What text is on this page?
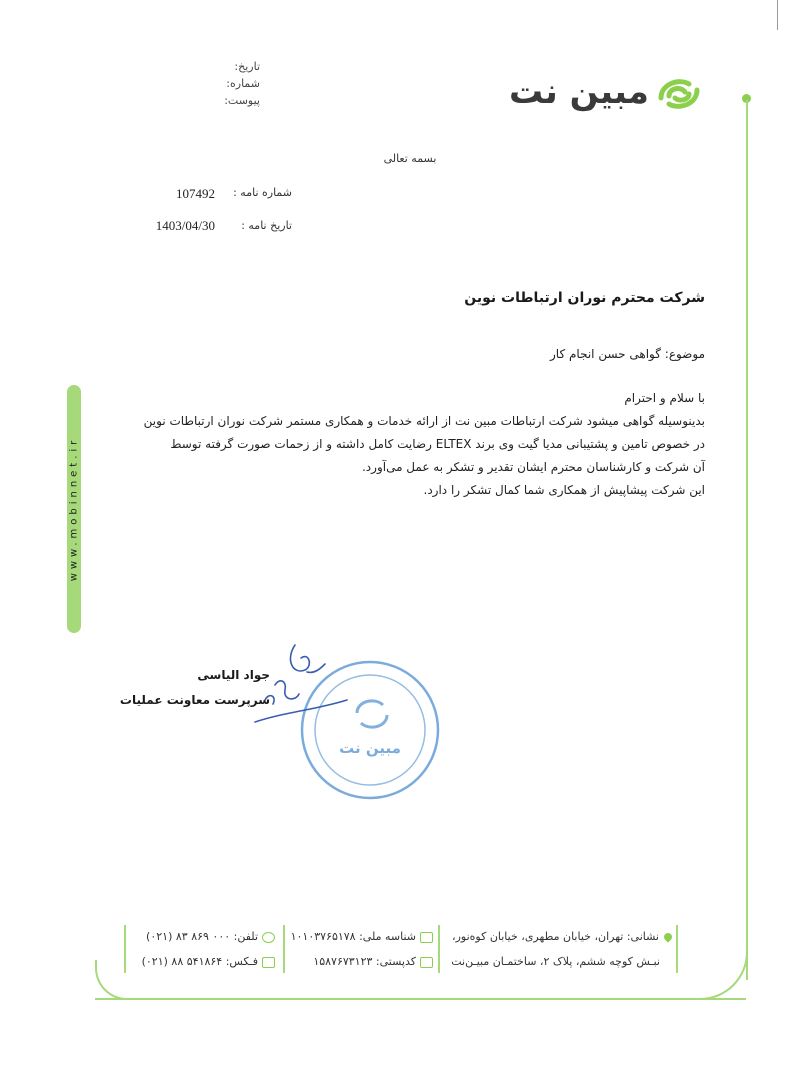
مبین نت
تاریخ:
شماره:
پیوست:
بسمه تعالی
شماره نامه :
107492
تاریخ نامه :
1403/04/30
شرکت محترم نوران ارتباطات نوین
موضوع: گواهی حسن انجام کار

با سلام و احترام

بدینوسیله گواهی میشود شرکت ارتباطات مبین نت از ارائه خدمات و همکاری مستمر شرکت نوران ارتباطات نوین

در خصوص تامین و پشتیبانی مدیا گیت وی برند ELTEX رضایت کامل داشته و از زحمات صورت گرفته توسط

آن شرکت و کارشناسان محترم ایشان تقدیر و تشکر به عمل می‌آورد.

این شرکت پیشاپیش از همکاری شما کمال تشکر را دارد.

www.mobinnet.ir
مبین نت
جواد الیاسی
سرپرست معاونت عملیات
نشانی: تهران، خیابان مطهری، خیابان کوه‌نور،
نبـش کوچه ششم، پلاک ۲، ساختمـان مبیـن‌نت
شناسه ملی: ۱۰۱۰۳۷۶۵۱۷۸
کدپستی: ۱۵۸۷۶۷۳۱۲۳
تلفن: ۰۰۰ ۸۶۹ ۸۳ (۰۲۱)
فـکس: ۵۴۱۸۶۴ ۸۸ (۰۲۱)
